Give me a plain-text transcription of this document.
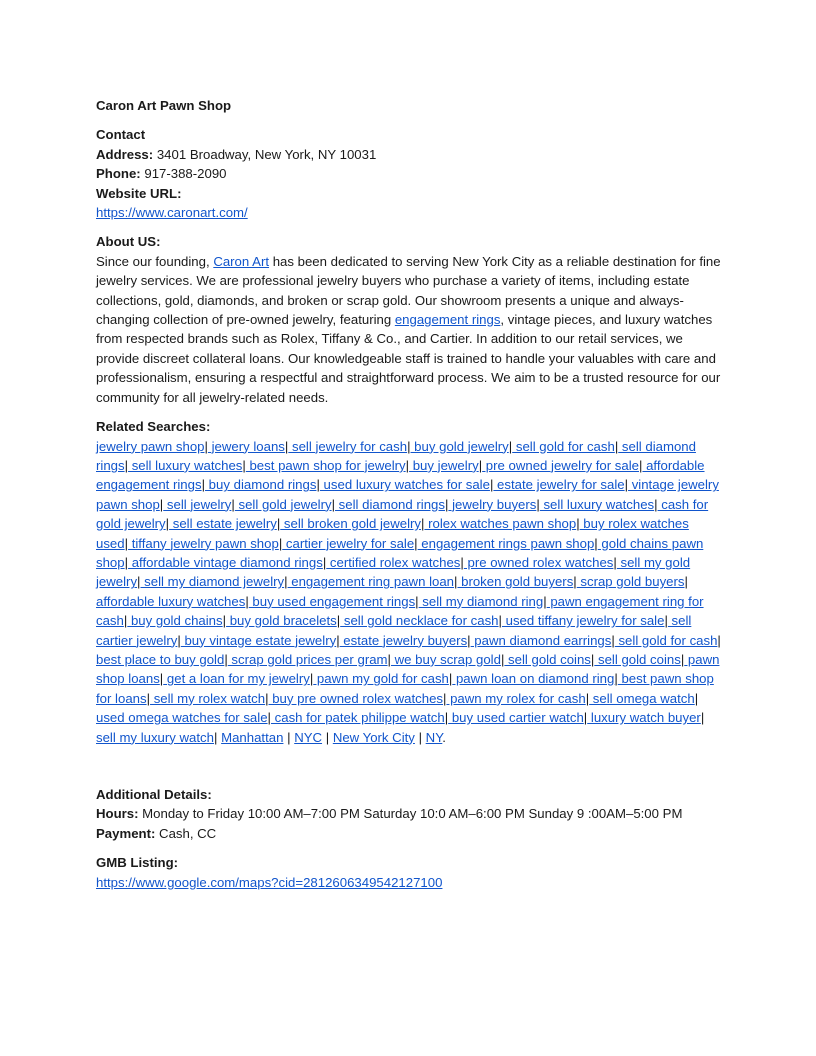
Caron Art Pawn Shop
Contact
Address: 3401 Broadway, New York, NY 10031
Phone: 917-388-2090
Website URL:
https://www.caronart.com/
About US:
Since our founding, Caron Art has been dedicated to serving New York City as a reliable destination for fine jewelry services. We are professional jewelry buyers who purchase a variety of items, including estate collections, gold, diamonds, and broken or scrap gold. Our showroom presents a unique and always-changing collection of pre-owned jewelry, featuring engagement rings, vintage pieces, and luxury watches from respected brands such as Rolex, Tiffany & Co., and Cartier. In addition to our retail services, we provide discreet collateral loans. Our knowledgeable staff is trained to handle your valuables with care and professionalism, ensuring a respectful and straightforward process. We aim to be a trusted resource for our community for all jewelry-related needs.
Related Searches:
jewelry pawn shop| jewery loans| sell jewelry for cash| buy gold jewelry| sell gold for cash| sell diamond rings| sell luxury watches| best pawn shop for jewelry| buy jewelry| pre owned jewelry for sale| affordable engagement rings| buy diamond rings| used luxury watches for sale| estate jewelry for sale| vintage jewelry pawn shop| sell jewelry| sell gold jewelry| sell diamond rings| jewelry buyers| sell luxury watches| cash for gold jewelry| sell estate jewelry| sell broken gold jewelry| rolex watches pawn shop| buy rolex watches used| tiffany jewelry pawn shop| cartier jewelry for sale| engagement rings pawn shop| gold chains pawn shop| affordable vintage diamond rings| certified rolex watches| pre owned rolex watches| sell my gold jewelry| sell my diamond jewelry| engagement ring pawn loan| broken gold buyers| scrap gold buyers| affordable luxury watches| buy used engagement rings| sell my diamond ring| pawn engagement ring for cash| buy gold chains| buy gold bracelets| sell gold necklace for cash| used tiffany jewelry for sale| sell cartier jewelry| buy vintage estate jewelry| estate jewelry buyers| pawn diamond earrings| sell gold for cash| best place to buy gold| scrap gold prices per gram| we buy scrap gold| sell gold coins| sell gold coins| pawn shop loans| get a loan for my jewelry| pawn my gold for cash| pawn loan on diamond ring| best pawn shop for loans| sell my rolex watch| buy pre owned rolex watches| pawn my rolex for cash| sell omega watch| used omega watches for sale| cash for patek philippe watch| buy used cartier watch| luxury watch buyer| sell my luxury watch| Manhattan | NYC | New York City | NY.
Additional Details:
Hours: Monday to Friday 10:00 AM–7:00 PM Saturday 10:0 AM–6:00 PM Sunday 9 :00AM–5:00 PM
Payment: Cash, CC
GMB Listing:
https://www.google.com/maps?cid=2812606349542127100
